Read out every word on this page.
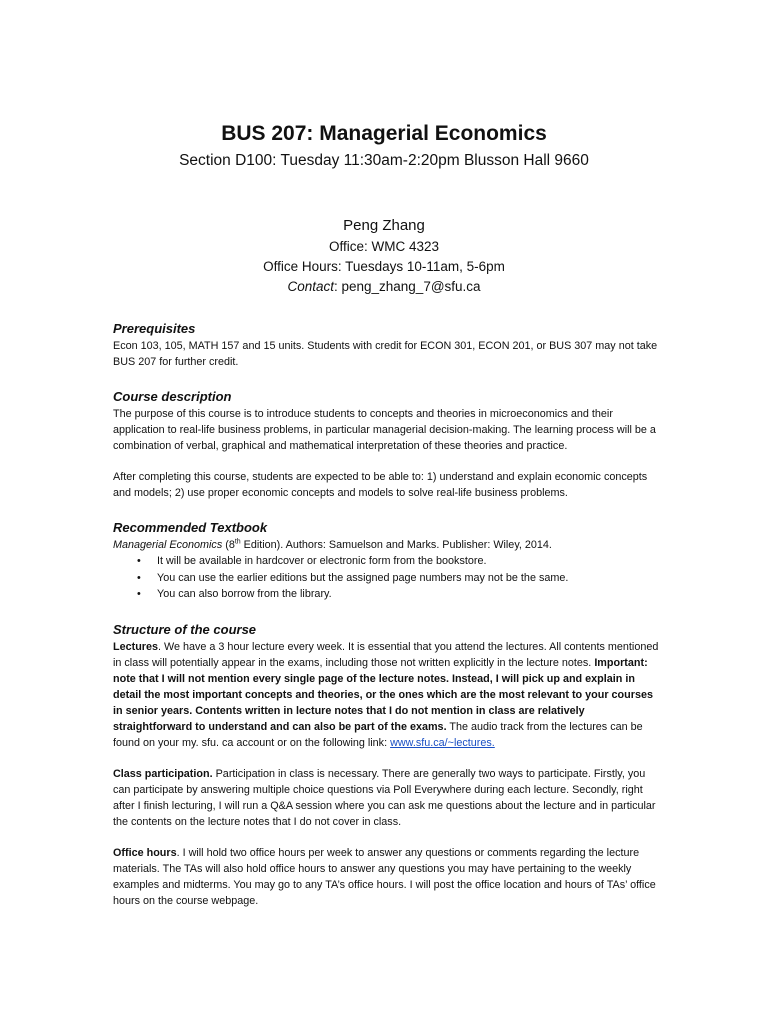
BUS 207: Managerial Economics
Section D100: Tuesday 11:30am-2:20pm Blusson Hall 9660
Peng Zhang
Office: WMC 4323
Office Hours: Tuesdays 10-11am, 5-6pm
Contact: peng_zhang_7@sfu.ca
Prerequisites

Econ 103, 105, MATH 157 and 15 units. Students with credit for ECON 301, ECON 201, or BUS 307 may not take BUS 207 for further credit.

Course description

The purpose of this course is to introduce students to concepts and theories in microeconomics and their application to real-life business problems, in particular managerial decision-making. The learning process will be a combination of verbal, graphical and mathematical interpretation of these theories and practice.

After completing this course, students are expected to be able to: 1) understand and explain economic concepts and models; 2) use proper economic concepts and models to solve real-life business problems.

Recommended Textbook

Managerial Economics (8th Edition). Authors: Samuelson and Marks. Publisher: Wiley, 2014.

• It will be available in hardcover or electronic form from the bookstore.
• You can use the earlier editions but the assigned page numbers may not be the same.
• You can also borrow from the library.
Structure of the course

Lectures. We have a 3 hour lecture every week. It is essential that you attend the lectures. All contents mentioned in class will potentially appear in the exams, including those not written explicitly in the lecture notes. Important: note that I will not mention every single page of the lecture notes. Instead, I will pick up and explain in detail the most important concepts and theories, or the ones which are the most relevant to your courses in senior years. Contents written in lecture notes that I do not mention in class are relatively straightforward to understand and can also be part of the exams. The audio track from the lectures can be found on your my. sfu. ca account or on the following link: www.sfu.ca/~lectures.

Class participation. Participation in class is necessary. There are generally two ways to participate. Firstly, you can participate by answering multiple choice questions via Poll Everywhere during each lecture. Secondly, right after I finish lecturing, I will run a Q&A session where you can ask me questions about the lecture and in particular the contents on the lecture notes that I do not cover in class.

Office hours. I will hold two office hours per week to answer any questions or comments regarding the lecture materials. The TAs will also hold office hours to answer any questions you may have pertaining to the weekly examples and midterms. You may go to any TA’s office hours. I will post the office location and hours of TAs’ office hours on the course webpage.
